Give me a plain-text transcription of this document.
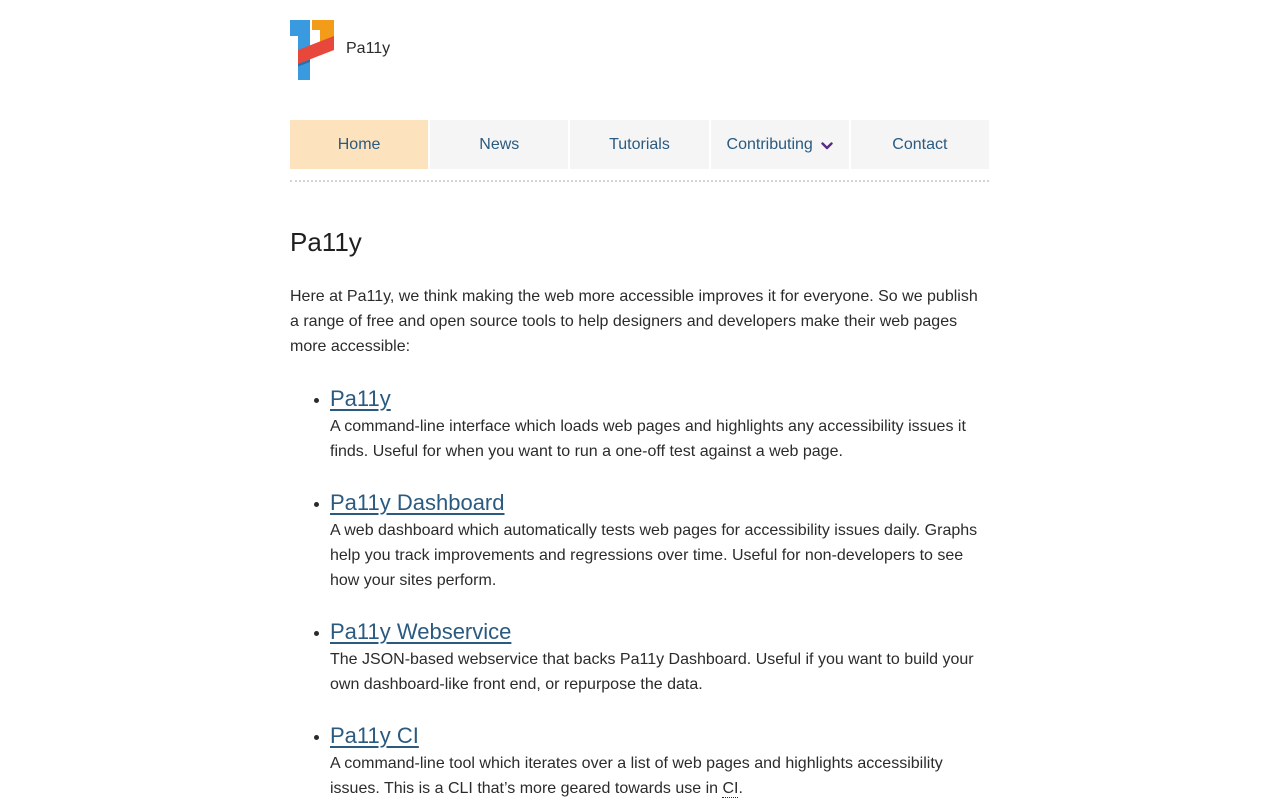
Pa11y
Home	News	Tutorials	Contributing	Contact
Pa11y

Here at Pa11y, we think making the web more accessible improves it for everyone. So we publish a range of free and open source tools to help designers and developers make their web pages more accessible:

Pa11y

A command-line interface which loads web pages and highlights any accessibility issues it finds. Useful for when you want to run a one-off test against a web page.

Pa11y Dashboard

A web dashboard which automatically tests web pages for accessibility issues daily. Graphs help you track improvements and regressions over time. Useful for non-developers to see how your sites perform.

Pa11y Webservice

The JSON-based webservice that backs Pa11y Dashboard. Useful if you want to build your own dashboard-like front end, or repurpose the data.

Pa11y CI

A command-line tool which iterates over a list of web pages and highlights accessibility issues. This is a CLI that’s more geared towards use in CI.
